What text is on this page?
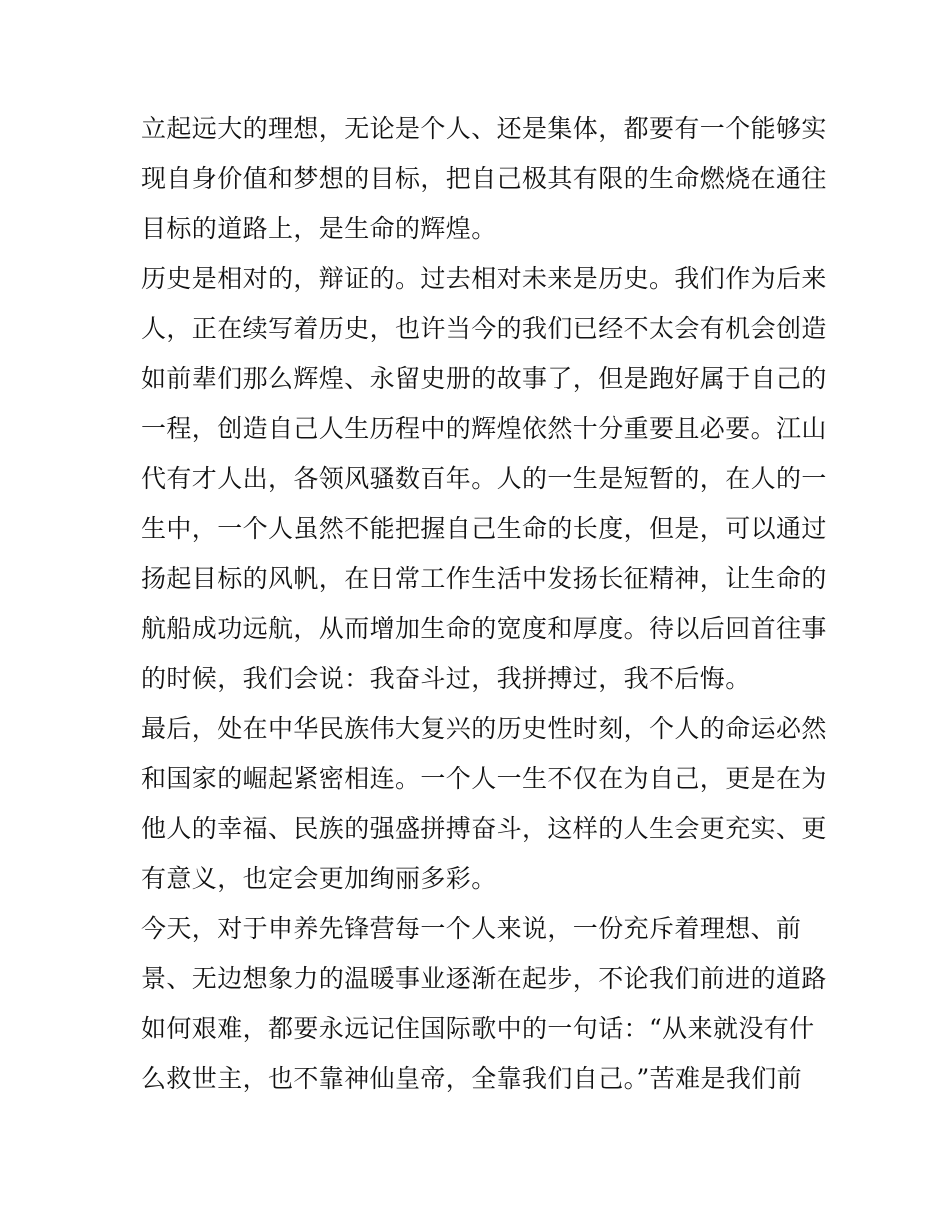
立起远大的理想，无论是个人、还是集体，都要有一个能够实
现自身价值和梦想的目标，把自己极其有限的生命燃烧在通往
目标的道路上，是生命的辉煌。
历史是相对的，辩证的。过去相对未来是历史。我们作为后来
人，正在续写着历史，也许当今的我们已经不太会有机会创造
如前辈们那么辉煌、永留史册的故事了，但是跑好属于自己的
一程，创造自己人生历程中的辉煌依然十分重要且必要。江山
代有才人出，各领风骚数百年。人的一生是短暂的，在人的一
生中，一个人虽然不能把握自己生命的长度，但是，可以通过
扬起目标的风帆，在日常工作生活中发扬长征精神，让生命的
航船成功远航，从而增加生命的宽度和厚度。待以后回首往事
的时候，我们会说：我奋斗过，我拼搏过，我不后悔。
最后，处在中华民族伟大复兴的历史性时刻，个人的命运必然
和国家的崛起紧密相连。一个人一生不仅在为自己，更是在为
他人的幸福、民族的强盛拼搏奋斗，这样的人生会更充实、更
有意义，也定会更加绚丽多彩。
今天，对于申养先锋营每一个人来说，一份充斥着理想、前
景、无边想象力的温暖事业逐渐在起步，不论我们前进的道路
如何艰难，都要永远记住国际歌中的一句话：“从来就没有什
么救世主，也不靠神仙皇帝，全靠我们自己。”苦难是我们前
